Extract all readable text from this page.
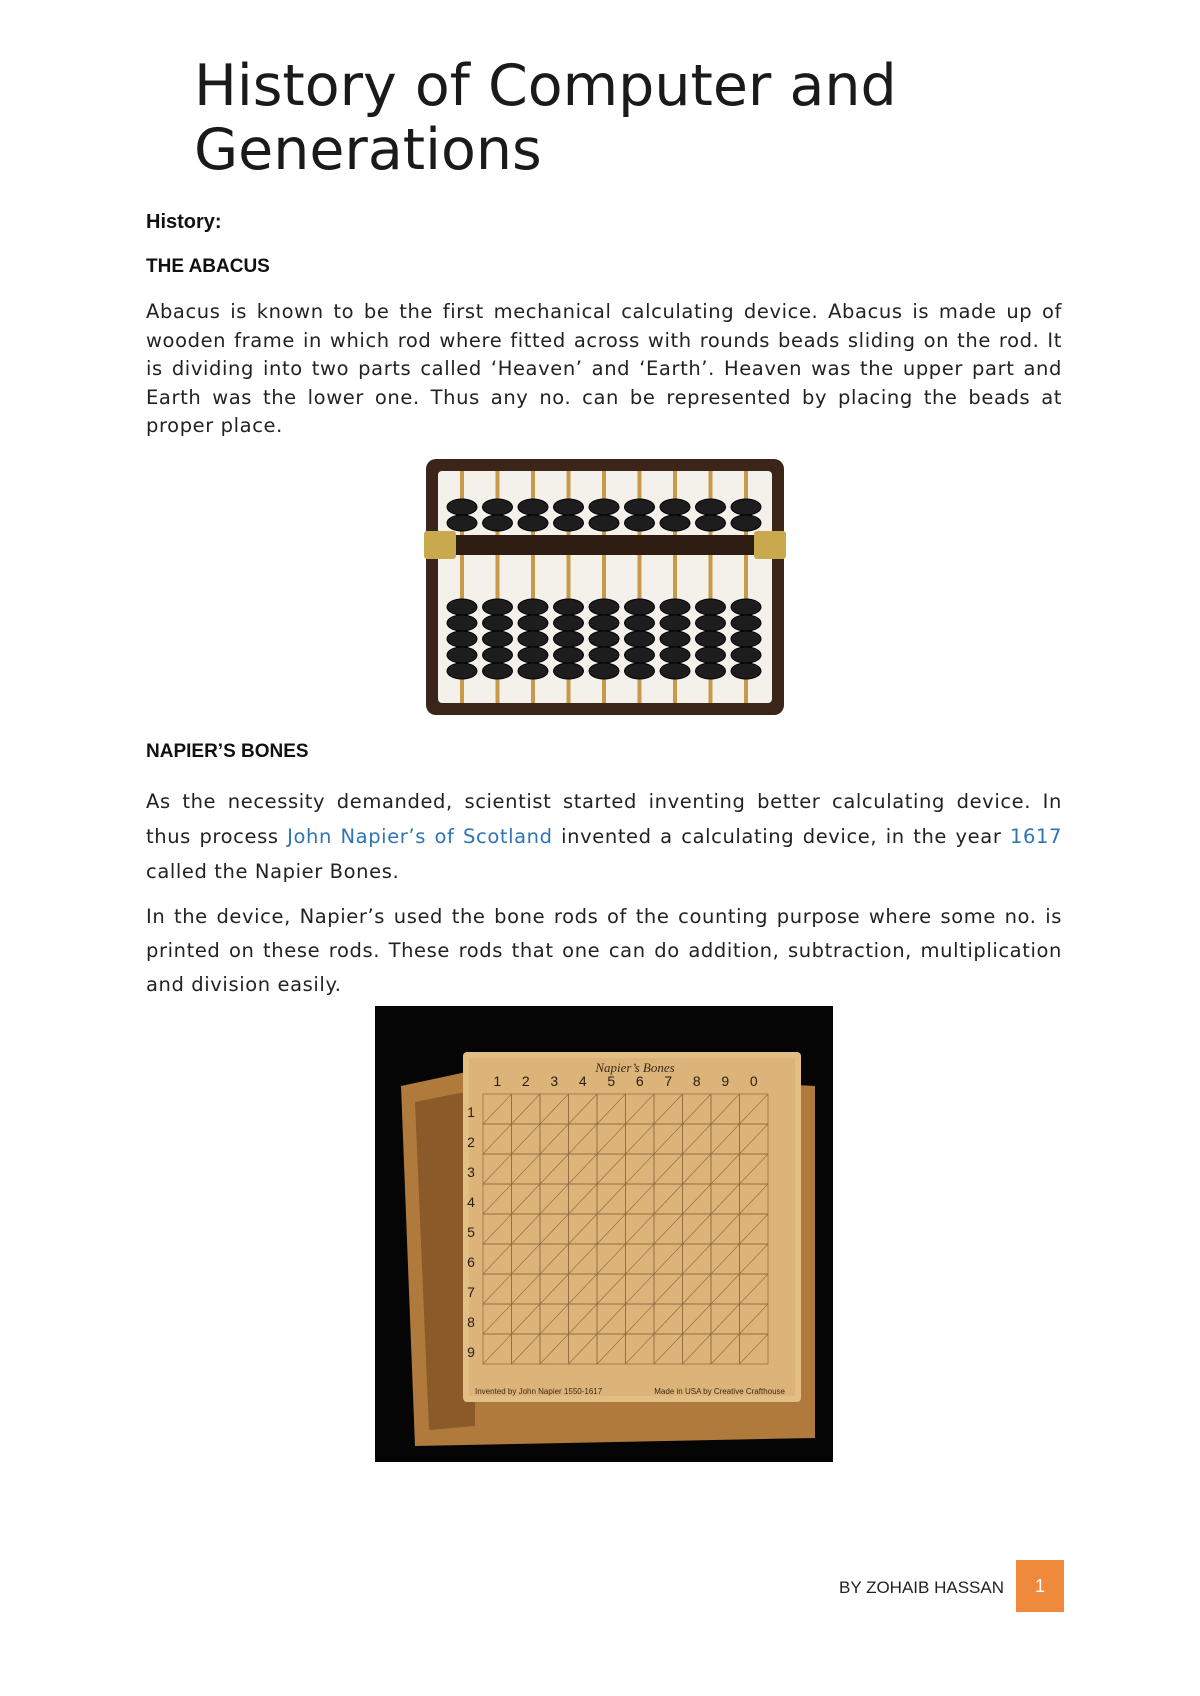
History of Computer and Generations

History:

THE ABACUS

Abacus is known to be the first mechanical calculating device. Abacus is made up of wooden frame in which rod where fitted across with rounds beads sliding on the rod. It is dividing into two parts called ‘Heaven’ and ‘Earth’. Heaven was the upper part and Earth was the lower one. Thus any no. can be represented by placing the beads at proper place.

NAPIER’S BONES

As the necessity demanded, scientist started inventing better calculating device. In thus process John Napier’s of Scotland invented a calculating device, in the year 1617 called the Napier Bones.

In the device, Napier’s used the bone rods of the counting purpose where some no. is printed on these rods. These rods that one can do addition, subtraction, multiplication and division easily.

Napier’s Bones
1 2 3 4 5 6 7 8 9 0
1
2
3
4
5
6
7
8
9
Invented by John Napier 1550-1617	Made in USA by Creative Crafthouse
BY ZOHAIB HASSAN	1
